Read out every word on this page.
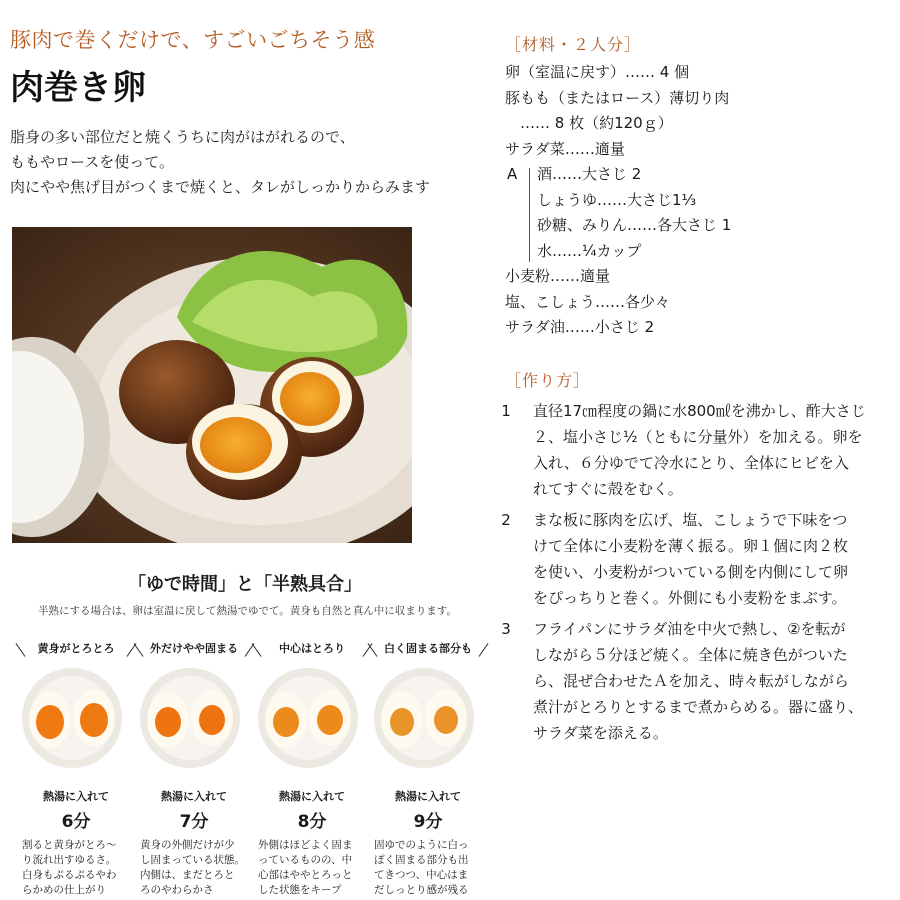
豚肉で巻くだけで、すごいごちそう感
肉巻き卵
脂身の多い部位だと焼くうちに肉がはがれるので、
ももやロースを使って。
肉にやや焦げ目がつくまで焼くと、タレがしっかりからみます
「ゆで時間」と「半熟具合」
半熟にする場合は、卵は室温に戻して熱湯でゆでて。黄身も自然と真ん中に収まります。
黄身がとろとろ
熱湯に入れて
6分
割ると黄身がとろ～
り流れ出すゆるさ。
白身もぷるぷるやわ
らかめの仕上がり
外だけやや固まる
熱湯に入れて
7分
黄身の外側だけが少
し固まっている状態。
内側は、まだとろと
ろのやわらかさ
中心はとろり
熱湯に入れて
8分
外側はほどよく固ま
っているものの、中
心部はややとろっと
した状態をキープ
白く固まる部分も
熱湯に入れて
9分
固ゆでのように白っ
ぽく固まる部分も出
てきつつ、中心はま
だしっとり感が残る
［材料・２人分］
卵（室温に戻す）…… 4 個
豚もも（またはロース）薄切り肉
　…… 8 枚（約120ｇ）
サラダ菜……適量
A 酒……大さじ 2
しょうゆ……大さじ1⅓
砂糖、みりん……各大さじ 1
水……¼カップ
小麦粉……適量
塩、こしょう……各少々
サラダ油……小さじ 2
［作り方］
1 直径17㎝程度の鍋に水800㎖を沸かし、酢大さじ
２、塩小さじ½（ともに分量外）を加える。卵を
入れ、６分ゆでて冷水にとり、全体にヒビを入
れてすぐに殻をむく。
2 まな板に豚肉を広げ、塩、こしょうで下味をつ
けて全体に小麦粉を薄く振る。卵１個に肉２枚
を使い、小麦粉がついている側を内側にして卵
をぴっちりと巻く。外側にも小麦粉をまぶす。
3 フライパンにサラダ油を中火で熱し、②を転が
しながら５分ほど焼く。全体に焼き色がついた
ら、混ぜ合わせたＡを加え、時々転がしながら
煮汁がとろりとするまで煮からめる。器に盛り、
サラダ菜を添える。
